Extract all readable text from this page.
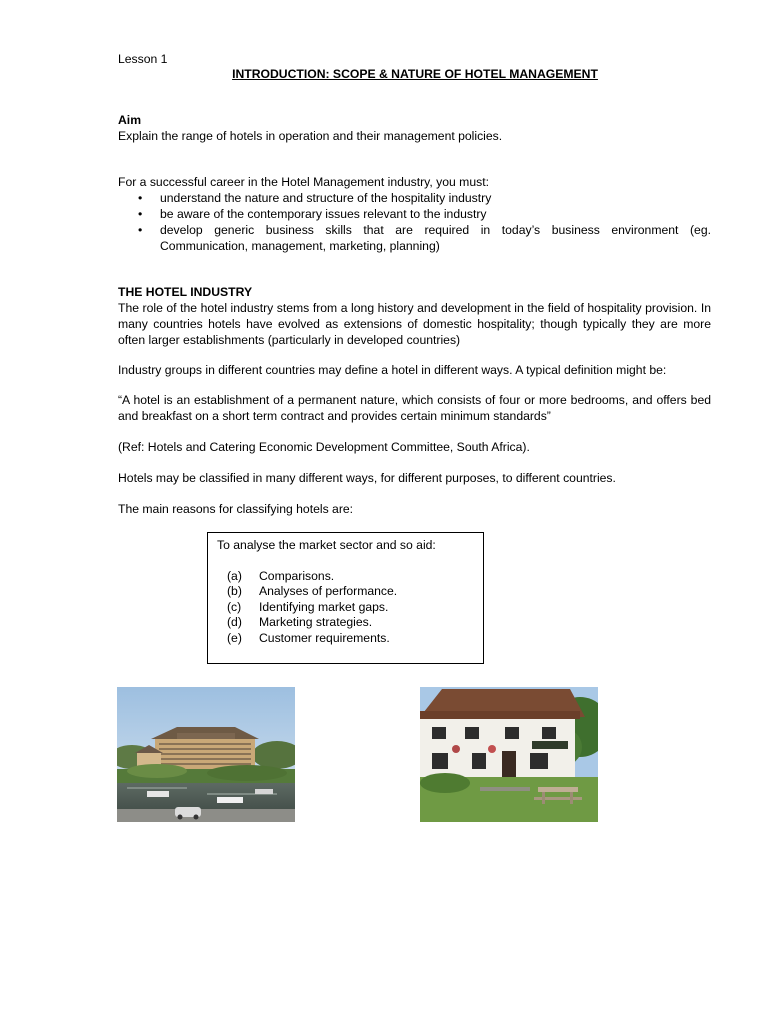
Lesson 1

INTRODUCTION: SCOPE & NATURE OF HOTEL MANAGEMENT

Aim

Explain the range of hotels in operation and their management policies.

For a successful career in the Hotel Management industry, you must:

• understand the nature and structure of the hospitality industry
• be aware of the contemporary issues relevant to the industry
• develop generic business skills that are required in today’s business environment (eg. Communication, management, marketing, planning)

THE HOTEL INDUSTRY

The role of the hotel industry stems from a long history and development in the field of hospitality provision. In many countries hotels have evolved as extensions of domestic hospitality; though typically they are more often larger establishments (particularly in developed countries)

Industry groups in different countries may define a hotel in different ways. A typical definition might be:

“A hotel is an establishment of a permanent nature, which consists of four or more bedrooms, and offers bed and breakfast on a short term contract and provides certain minimum standards”

(Ref: Hotels and Catering Economic Development Committee, South Africa).

Hotels may be classified in many different ways, for different purposes, to different countries.

The main reasons for classifying hotels are:

To analyse the market sector and so aid:
(a) Comparisons.
(b) Analyses of performance.
(c) Identifying market gaps.
(d) Marketing strategies.
(e) Customer requirements.
